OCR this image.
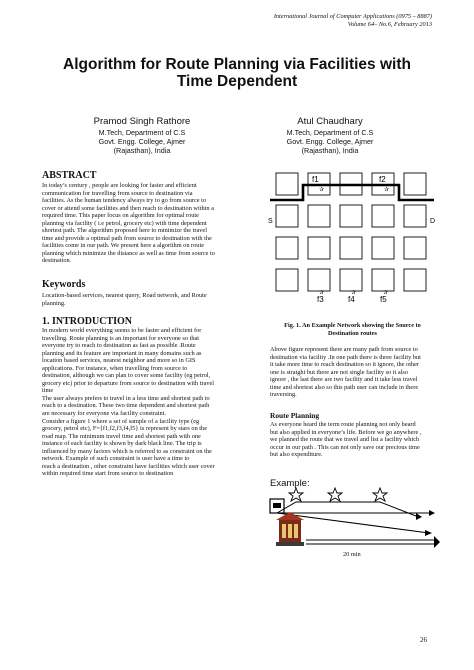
International Journal of Computer Applications (0975 – 8887)
Volume 64– No.6, February 2013
Algorithm for Route Planning via Facilities with
Time Dependent
Pramod Singh Rathore
M.Tech, Department of C.S
Govt. Engg. College, Ajmer
(Rajasthan), India
Atul Chaudhary
M.Tech, Department of C.S
Govt. Engg. College, Ajmer
(Rajasthan), India
ABSTRACT
In today’s century , people are looking for faster and efficient
communication for travelling from source to destination via
facilities. As the human tendency always try to go from source to
cover or attend some facilities and then reach to destination within a
required time. This paper focus on algorithm for optimal route
planning via facility ( i.e petrol, grocery etc) with time dependent
shortest path. The algorithm proposed here to minimize the travel
time and provide a optimal path from source to destination with the
facilities come in our path. We present here a algorithm on route
planning which minimize the distance as well as time from source to
destination.
Keywords
Location-based services, nearest query, Road network, and Route
planning.
1. INTRODUCTION
In modern world everything seems to be faster and efficient for
travelling. Route planning is an important for everyone so that
everyone try to reach to destination as fast as possible .Route
planning and its feature are important in many domains such as
location based services, nearest neighbor and more so in GIS
applications. For instance, when travelling from source to
destination, although we can plan to cover some facility (eg petrol,
grocery etc) prior to departure from source to destination with travel
time
The user always prefers to travel in a less time and shortest path to
reach to a destination. These two time dependent and shortest path
are necessary for everyone via facility constraint.
Consider a figure 1 where a set of sample of a facility type (eg
grocery, petrol etc), F={f1,f2,f3,f4,f5} is represent by stars on the
road map. The minimum travel time and shortest path with one
instance of each facility is shown by dark black line. The trip is
influenced by many factors which is referred to as constraint on the
network. Example of such constraint is user have a time to
reach a destination , other constraint have facilities which user cover
within required time start from source to destination
f1
✰
f2
✰
S	D
✰
f3
✰
f4
✰
f5
Fig. 1. An Example Network showing the Source to
Destination routes
Above figure represent there are many path from source to
destination via facility .In one path there is three facility but
it take more time to reach destination so it ignore, the other
one is straight but there are not single facility so it also
ignore , the last there are two facility and it take less travel
time and shortest also so this path user can include in there
traversing.
Route Planning
As everyone heard the term route planning not only heard
but also applied in everyone’s life. Before we go anywhere ,
we planned the route that we travel and list a facility which
occur in our path . This can not only save our precious time
but also expenditure.
Example:
20 min
26
